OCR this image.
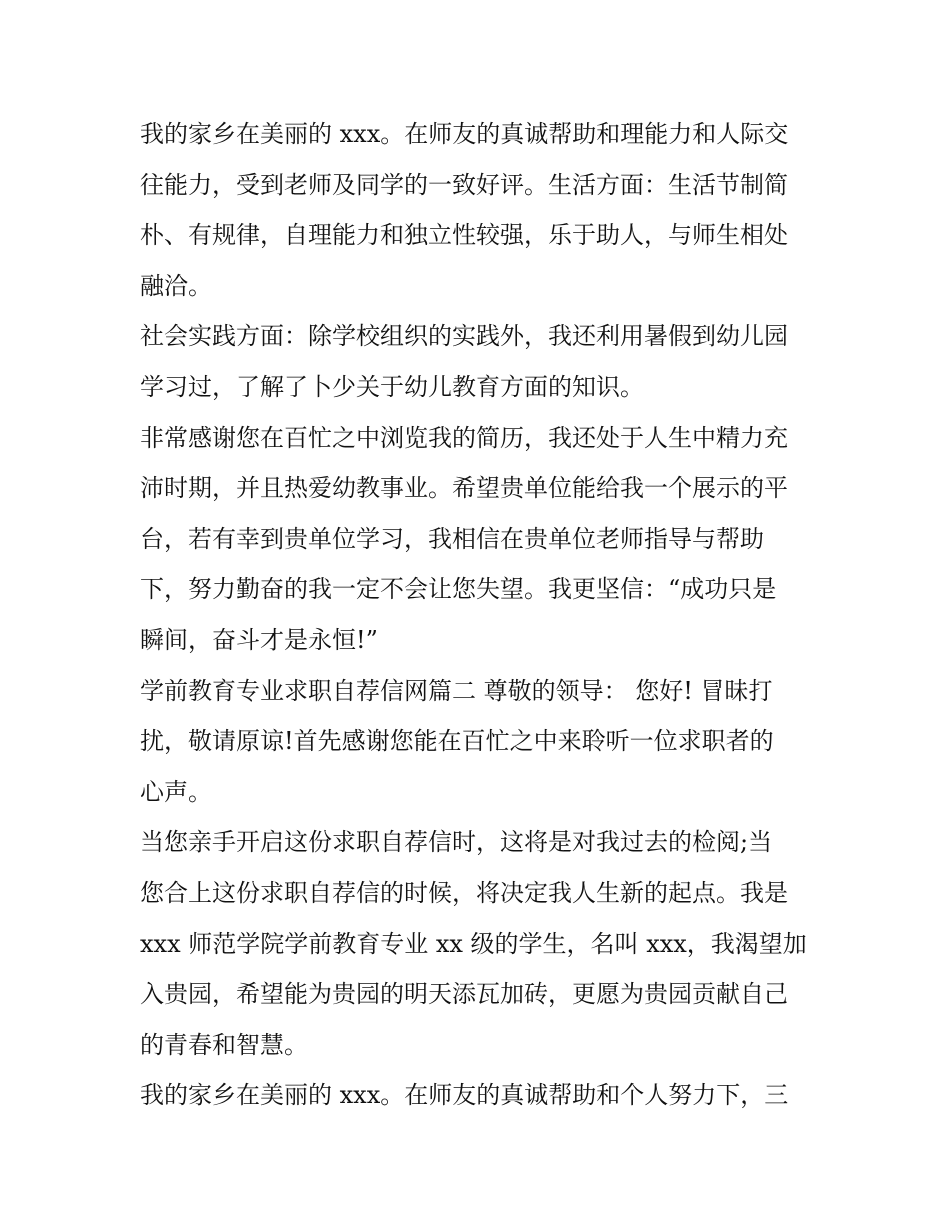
我的家乡在美丽的 xxx。在师友的真诚帮助和理能力和人际交
往能力，受到老师及同学的一致好评。生活方面：生活节制简
朴、有规律，自理能力和独立性较强，乐于助人，与师生相处
融洽。
社会实践方面：除学校组织的实践外，我还利用暑假到幼儿园
学习过，了解了卜少关于幼儿教育方面的知识。
非常感谢您在百忙之中浏览我的简历，我还处于人生中精力充
沛时期，并且热爱幼教事业。希望贵单位能给我一个展示的平
台，若有幸到贵单位学习，我相信在贵单位老师指导与帮助
下，努力勤奋的我一定不会让您失望。我更坚信：“成功只是
瞬间，奋斗才是永恒!”
学前教育专业求职自荐信网篇二 尊敬的领导： 您好! 冒昧打
扰，敬请原谅!首先感谢您能在百忙之中来聆听一位求职者的
心声。
当您亲手开启这份求职自荐信时，这将是对我过去的检阅;当
您合上这份求职自荐信的时候，将决定我人生新的起点。我是
xxx 师范学院学前教育专业 xx 级的学生，名叫 xxx，我渴望加
入贵园，希望能为贵园的明天添瓦加砖，更愿为贵园贡献自己
的青春和智慧。
我的家乡在美丽的 xxx。在师友的真诚帮助和个人努力下，三
